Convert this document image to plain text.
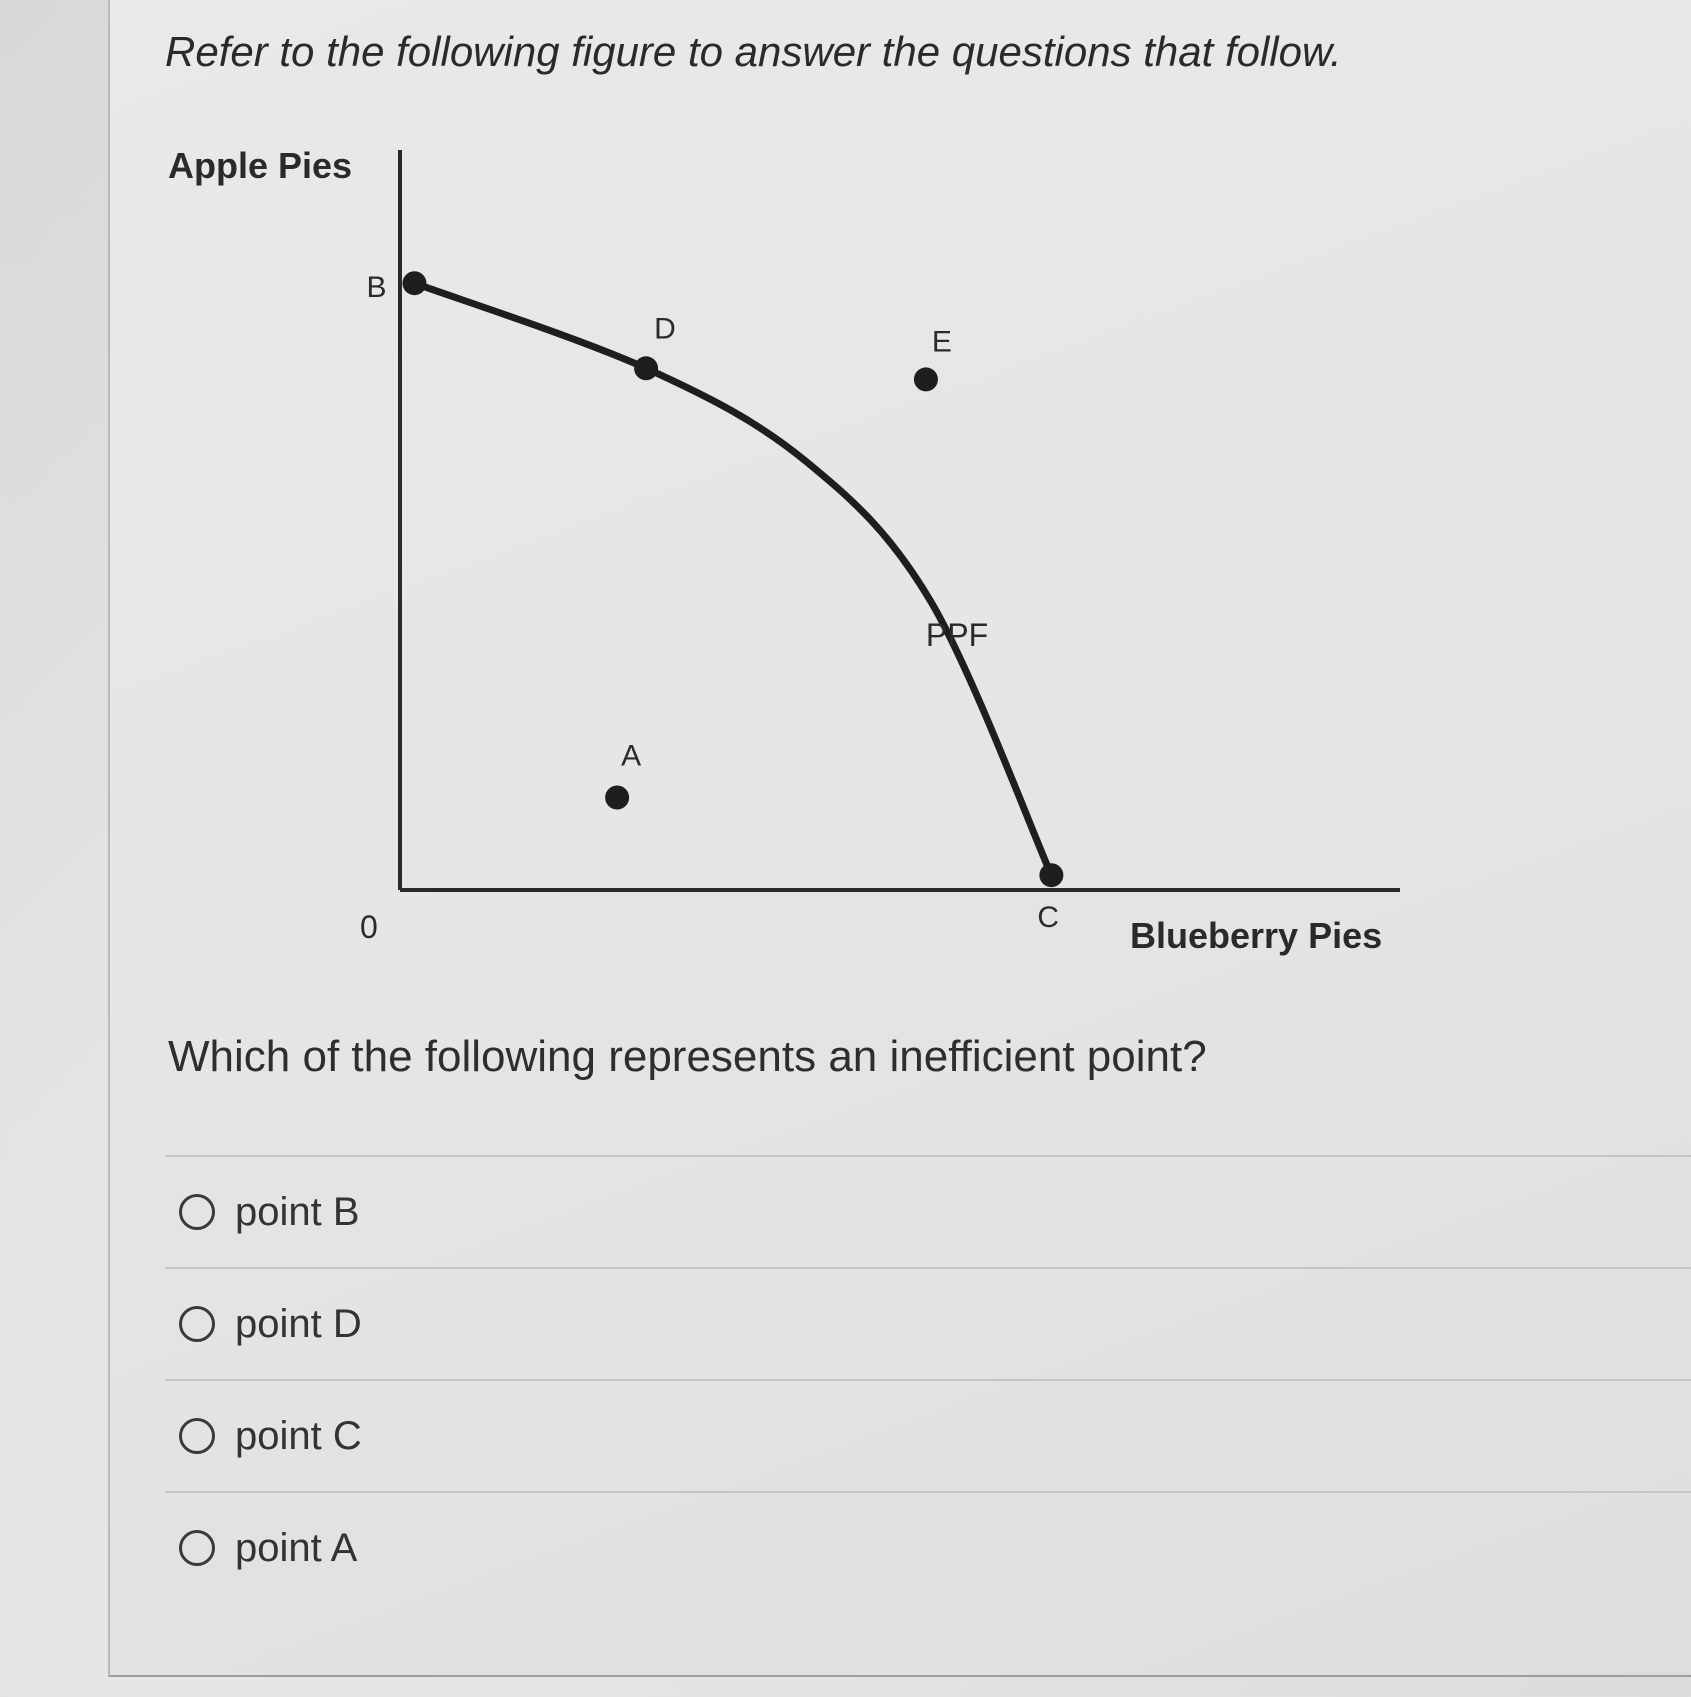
Refer to the following figure to answer the questions that follow.

Apple Pies
Blueberry Pies
0
PPF
B
D	E
A
C

Which of the following represents an inefficient point?

point B
point D
point C
point A
